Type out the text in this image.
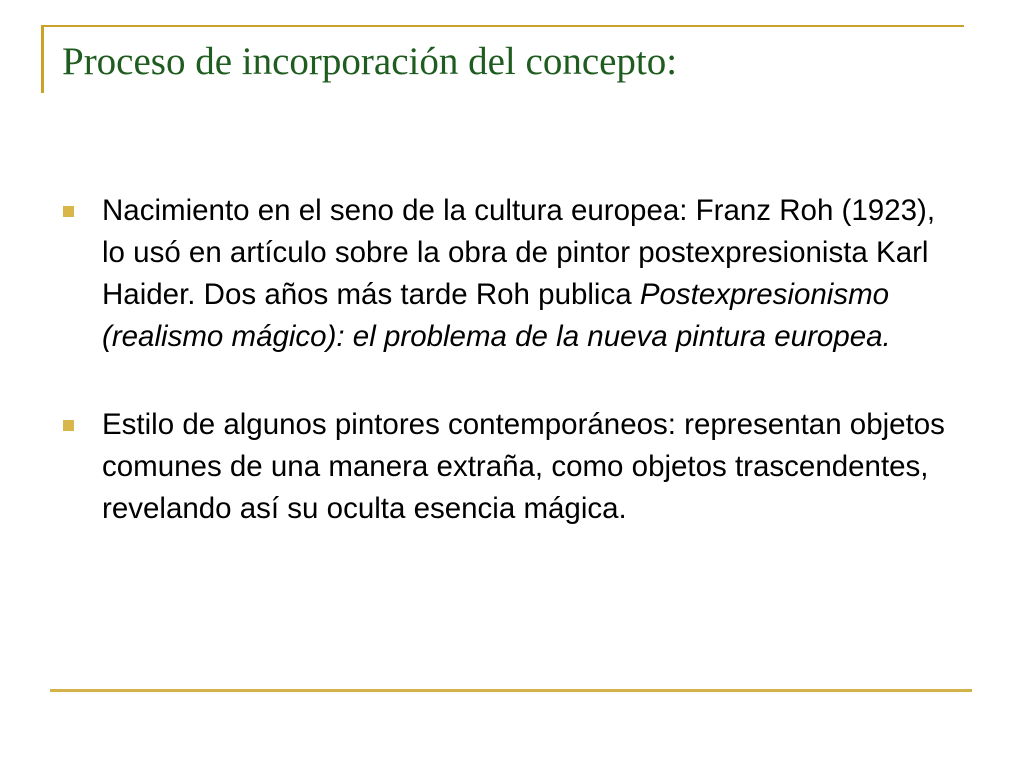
Proceso de incorporación del concepto:
Nacimiento en el seno de la cultura europea: Franz Roh (1923), lo usó en artículo sobre la obra de pintor postexpresionista Karl Haider. Dos años más tarde Roh publica Postexpresionismo (realismo mágico): el problema de la nueva pintura europea.
Estilo de algunos pintores contemporáneos: representan objetos comunes de una manera extraña, como objetos trascendentes, revelando así su oculta esencia mágica.
